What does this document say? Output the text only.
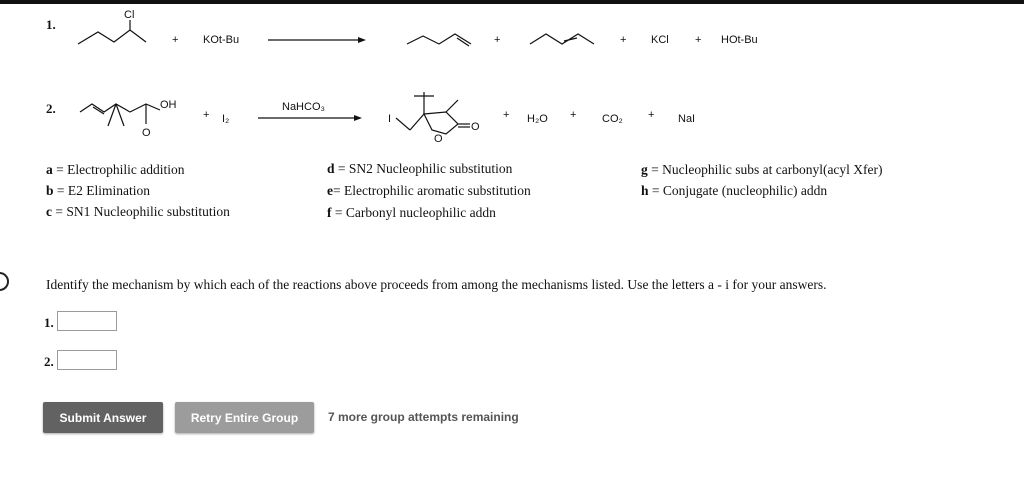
1.
Cl
+ KOt-Bu	+	+ KCl + HOt-Bu
2.
O
OH
+ I₂
NaHCO₃
I
O
O
+ H₂O + CO₂ + NaI
a = Electrophilic addition
b = E2 Elimination
c = SN1 Nucleophilic substitution
d = SN2 Nucleophilic substitution
e= Electrophilic aromatic substitution
f = Carbonyl nucleophilic addn
g = Nucleophilic subs at carbonyl(acyl Xfer)
h = Conjugate (nucleophilic) addn
Identify the mechanism by which each of the reactions above proceeds from among the mechanisms listed. Use the letters a - i for your answers.
1.
2.
Submit Answer	Retry Entire Group	7 more group attempts remaining
